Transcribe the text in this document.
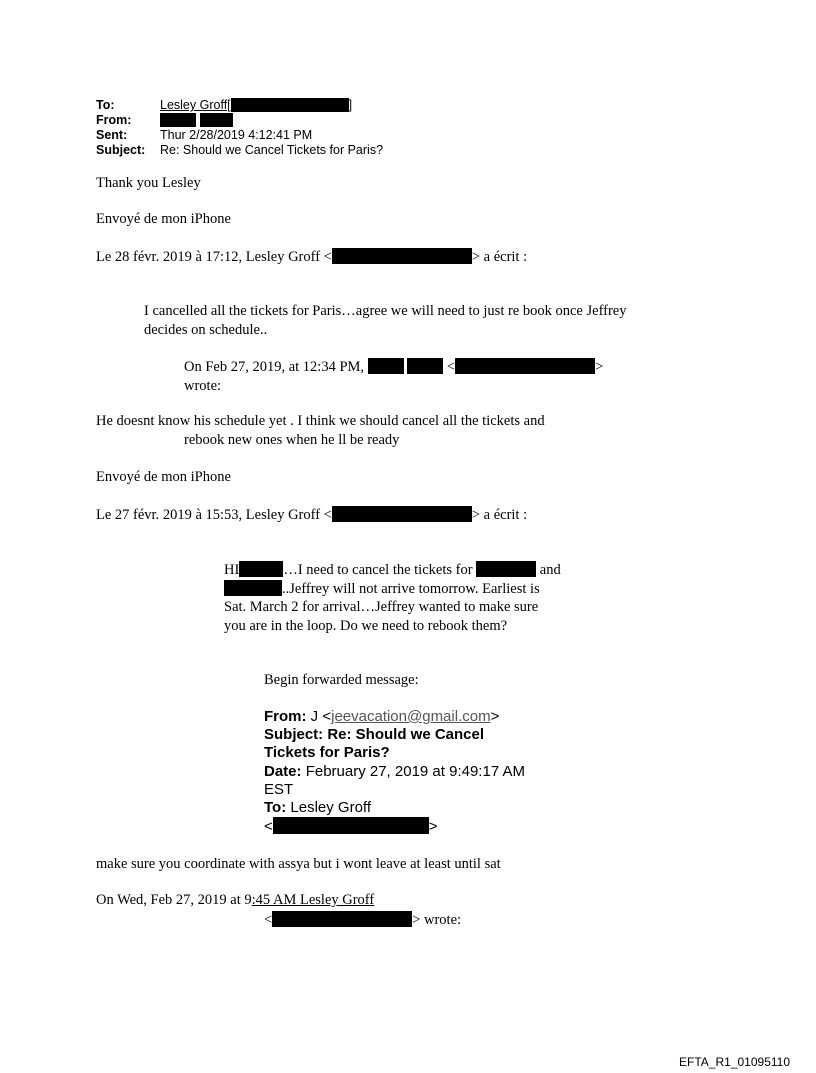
To:	Lesley Groff[	]
From:
Sent:	Thur 2/28/2019 4:12:41 PM
Subject: Re: Should we Cancel Tickets for Paris?
Thank you Lesley
Envoyé de mon iPhone
Le 28 févr. 2019 à 17:12, Lesley Groff <	> a écrit :
I cancelled all the tickets for Paris…agree we will need to just re book once Jeffrey
decides on schedule..
On Feb 27, 2019, at 12:34 PM,	<	>
wrote:
He doesnt know his schedule yet . I think we should cancel all the tickets and
rebook new ones when he ll be ready
Envoyé de mon iPhone
Le 27 févr. 2019 à 15:53, Lesley Groff <	> a écrit :
HI	…I need to cancel the tickets for	and
..Jeffrey will not arrive tomorrow. Earliest is
Sat. March 2 for arrival…Jeffrey wanted to make sure
you are in the loop. Do we need to rebook them?
Begin forwarded message:
From: J <jeevacation@gmail.com>
Subject: Re: Should we Cancel
Tickets for Paris?
Date: February 27, 2019 at 9:49:17 AM
EST
To: Lesley Groff
<	>
make sure you coordinate with assya but i wont leave at least until sat
On Wed, Feb 27, 2019 at 9:45 AM Lesley Groff
<	> wrote:
EFTA_R1_01095110
